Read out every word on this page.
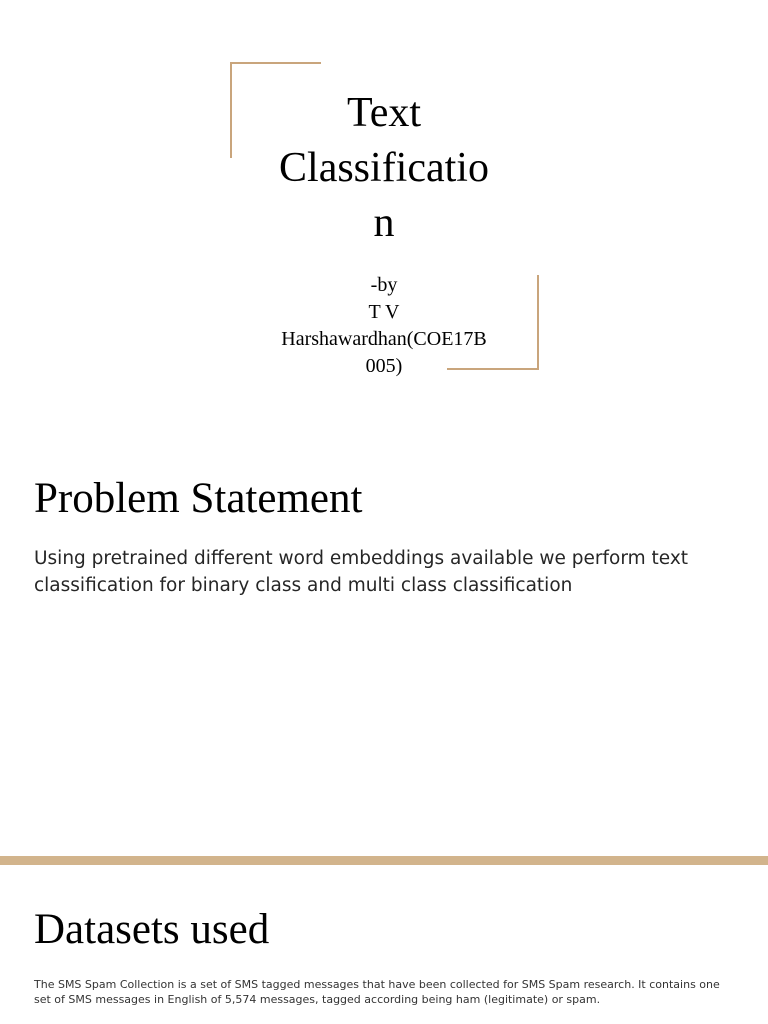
Text
Classificatio
n
-by
T V
Harshawardhan(COE17B
005)
Problem Statement

Using pretrained different word embeddings available we perform text classification for binary class and multi class classification

Datasets used

The SMS Spam Collection is a set of SMS tagged messages that have been collected for SMS Spam research. It contains one set of SMS messages in English of 5,574 messages, tagged according being ham (legitimate) or spam.
